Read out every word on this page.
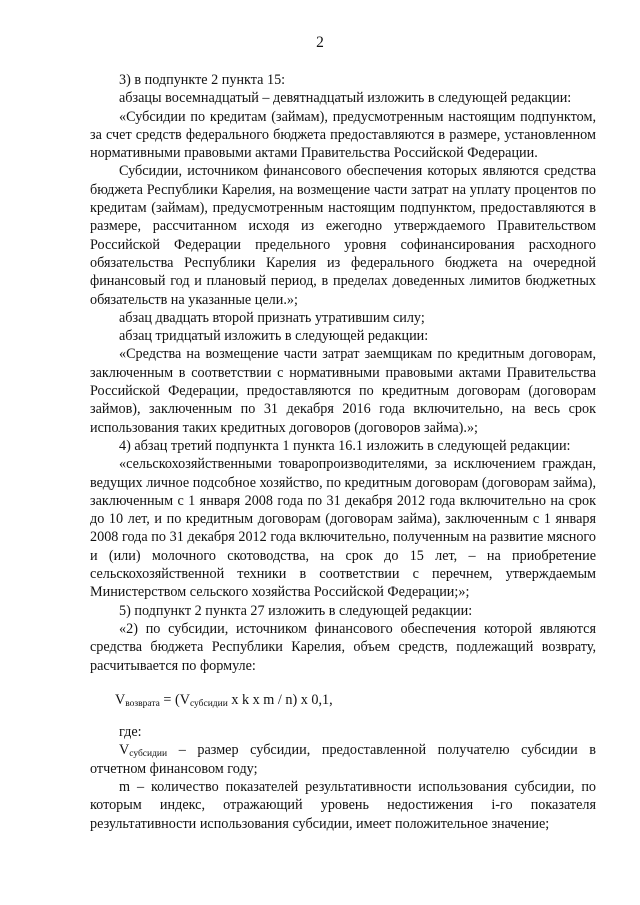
2

3) в подпункте 2 пункта 15:

абзацы восемнадцатый – девятнадцатый изложить в следующей редакции:

«Субсидии по кредитам (займам), предусмотренным настоящим подпунктом, за счет средств федерального бюджета предоставляются в размере, установленном нормативными правовыми актами Правительства Российской Федерации.

Субсидии, источником финансового обеспечения которых являются средства бюджета Республики Карелия, на возмещение части затрат на уплату процентов по кредитам (займам), предусмотренным настоящим подпунктом, предоставляются в размере, рассчитанном исходя из ежегодно утверждаемого Правительством Российской Федерации предельного уровня софинансирования расходного обязательства Республики Карелия из федерального бюджета на очередной финансовый год и плановый период, в пределах доведенных лимитов бюджетных обязательств на указанные цели.»;

абзац двадцать второй признать утратившим силу;

абзац тридцатый изложить в следующей редакции:

«Средства на возмещение части затрат заемщикам по кредитным договорам, заключенным в соответствии с нормативными правовыми актами Правительства Российской Федерации, предоставляются по кредитным договорам (договорам займов), заключенным по 31 декабря 2016 года включительно, на весь срок использования таких кредитных договоров (договоров займа).»;

4) абзац третий подпункта 1 пункта 16.1 изложить в следующей редакции:

«сельскохозяйственными товаропроизводителями, за исключением граждан, ведущих личное подсобное хозяйство, по кредитным договорам (договорам займа), заключенным с 1 января 2008 года по 31 декабря 2012 года включительно на срок до 10 лет, и по кредитным договорам (договорам займа), заключенным с 1 января 2008 года по 31 декабря 2012 года включительно, полученным на развитие мясного и (или) молочного скотоводства, на срок до 15 лет, – на приобретение сельскохозяйственной техники в соответствии с перечнем, утверждаемым Министерством сельского хозяйства Российской Федерации;»;

5) подпункт 2 пункта 27 изложить в следующей редакции:

«2) по субсидии, источником финансового обеспечения которой являются средства бюджета Республики Карелия, объем средств, подлежащий возврату, расчитывается по формуле:

$V_{возврата} = (V_{субсидии}$ x k x m / n) x 0,1,

где:

$V_{субсидии}$ – размер субсидии, предоставленной получателю субсидии в отчетном финансовом году;

m – количество показателей результативности использования субсидии, по которым индекс, отражающий уровень недостижения i-го показателя результативности использования субсидии, имеет положительное значение;
